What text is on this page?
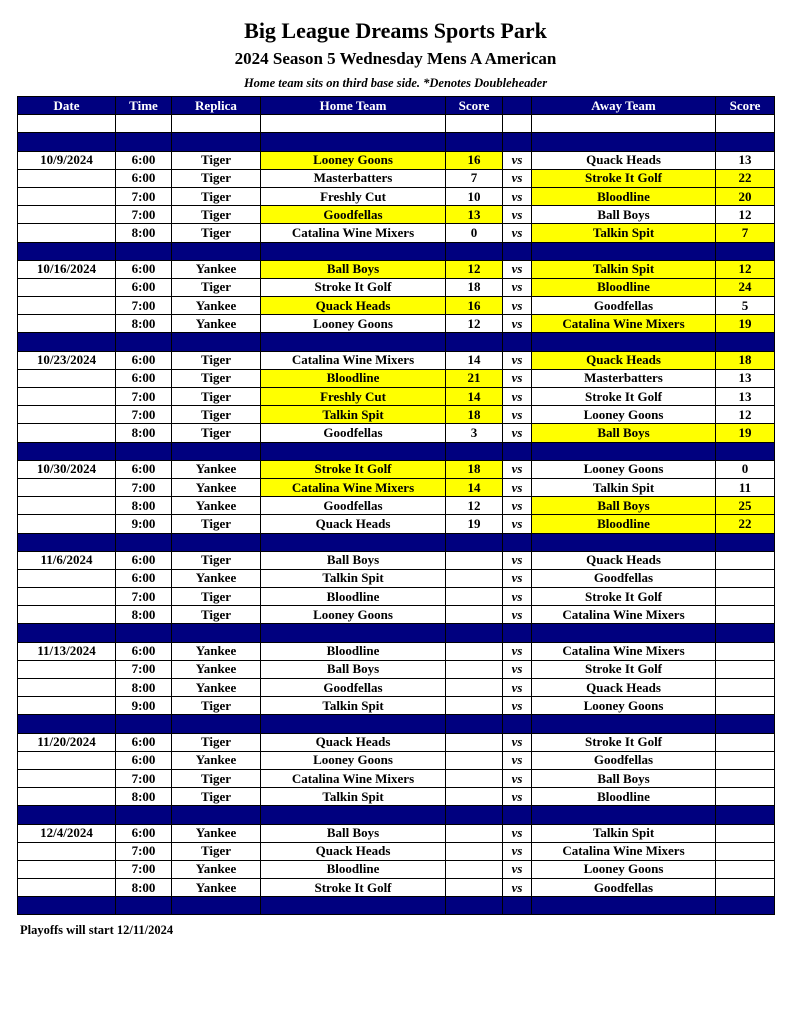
Big League Dreams Sports Park
2024 Season 5 Wednesday Mens A American
Home team sits on third base side. *Denotes Doubleheader
Date	Time	Replica	Home Team	Score		Away Team	Score

10/9/2024	6:00	Tiger	Looney Goons	16	vs	Quack Heads	13
	6:00	Tiger	Masterbatters	7	vs	Stroke It Golf	22
	7:00	Tiger	Freshly Cut	10	vs	Bloodline	20
	7:00	Tiger	Goodfellas	13	vs	Ball Boys	12
	8:00	Tiger	Catalina Wine Mixers	0	vs	Talkin Spit	7

10/16/2024	6:00	Yankee	Ball Boys	12	vs	Talkin Spit	12
	6:00	Tiger	Stroke It Golf	18	vs	Bloodline	24
	7:00	Yankee	Quack Heads	16	vs	Goodfellas	5
	8:00	Yankee	Looney Goons	12	vs	Catalina Wine Mixers	19

10/23/2024	6:00	Tiger	Catalina Wine Mixers	14	vs	Quack Heads	18
	6:00	Tiger	Bloodline	21	vs	Masterbatters	13
	7:00	Tiger	Freshly Cut	14	vs	Stroke It Golf	13
	7:00	Tiger	Talkin Spit	18	vs	Looney Goons	12
	8:00	Tiger	Goodfellas	3	vs	Ball Boys	19

10/30/2024	6:00	Yankee	Stroke It Golf	18	vs	Looney Goons	0
	7:00	Yankee	Catalina Wine Mixers	14	vs	Talkin Spit	11
	8:00	Yankee	Goodfellas	12	vs	Ball Boys	25
	9:00	Tiger	Quack Heads	19	vs	Bloodline	22

11/6/2024	6:00	Tiger	Ball Boys		vs	Quack Heads	
	6:00	Yankee	Talkin Spit		vs	Goodfellas	
	7:00	Tiger	Bloodline		vs	Stroke It Golf	
	8:00	Tiger	Looney Goons		vs	Catalina Wine Mixers	

11/13/2024	6:00	Yankee	Bloodline		vs	Catalina Wine Mixers	
	7:00	Yankee	Ball Boys		vs	Stroke It Golf	
	8:00	Yankee	Goodfellas		vs	Quack Heads	
	9:00	Tiger	Talkin Spit		vs	Looney Goons	

11/20/2024	6:00	Tiger	Quack Heads		vs	Stroke It Golf	
	6:00	Yankee	Looney Goons		vs	Goodfellas	
	7:00	Tiger	Catalina Wine Mixers		vs	Ball Boys	
	8:00	Tiger	Talkin Spit		vs	Bloodline	

12/4/2024	6:00	Yankee	Ball Boys		vs	Talkin Spit	
	7:00	Tiger	Quack Heads		vs	Catalina Wine Mixers	
	7:00	Yankee	Bloodline		vs	Looney Goons	
	8:00	Yankee	Stroke It Golf		vs	Goodfellas	

Playoffs will start 12/11/2024
